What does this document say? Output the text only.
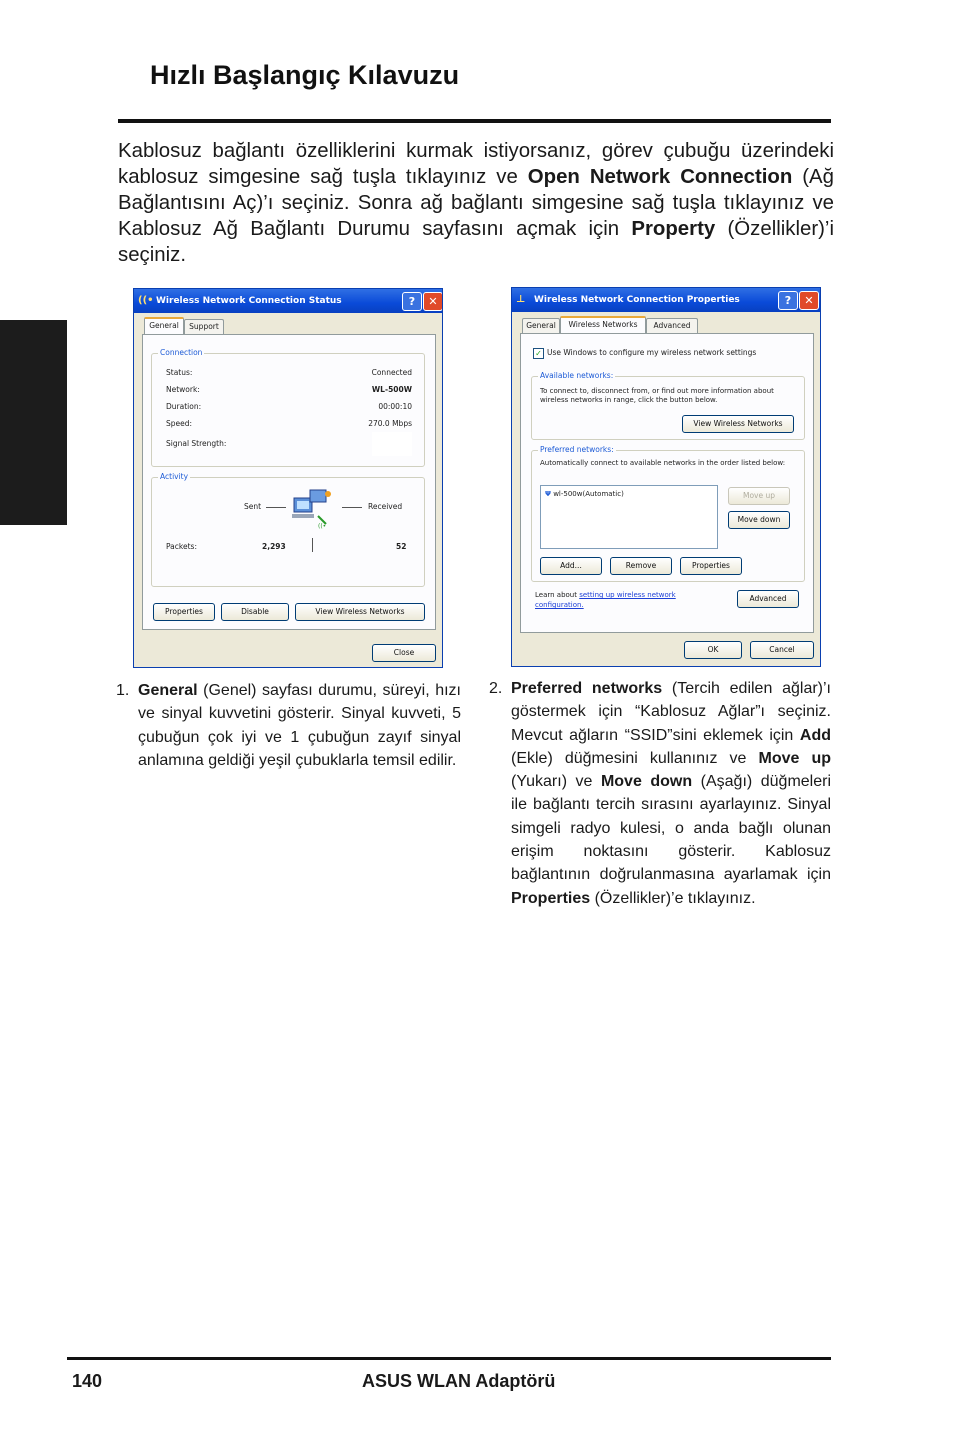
Hızlı Başlangıç Kılavuzu
Kablosuz bağlantı özelliklerini kurmak istiyorsanız, görev çubuğu üzerindeki kablosuz simgesine sağ tuşla tıklayınız ve Open Network Connection (Ağ Bağlantısını Aç)’ı seçiniz. Sonra ağ bağlantı simgesine sağ tuşla tıklayınız ve Kablosuz Ağ Bağlantı Durumu sayfasını açmak için Property (Özellikler)’i seçiniz.
Türkçe
((• Wireless Network Connection Status	?	✕
General	Support
Connection
Status:	Connected
Network:	WL-500W
Duration:	00:00:10
Speed:	270.0 Mbps
Signal Strength:
Activity
Sent
((•
Received
Packets:	2,293	52
Properties	Disable	View Wireless Networks
Close
⊥ Wireless Network Connection Properties	?	✕
General	Wireless Networks	Advanced
✓ Use Windows to configure my wireless network settings
Available networks:
To connect to, disconnect from, or find out more information about wireless networks in range, click the button below.
View Wireless Networks
Preferred networks:
Automatically connect to available networks in the order listed below:
Ψ wl-500w(Automatic)	Move up
Move down
Add...	Remove	Properties
Learn about setting up wireless network configuration.
Advanced
OK	Cancel
1. General (Genel) sayfası durumu, süreyi, hızı ve sinyal kuvvetini gösterir. Sinyal kuvveti, 5 çubuğun çok iyi ve 1 çubuğun zayıf sinyal anlamına geldiği yeşil çubuklarla temsil edilir.
2. Preferred networks (Tercih edilen ağlar)’ı göstermek için “Kablosuz Ağlar”ı seçiniz. Mevcut ağların “SSID”sini eklemek için Add (Ekle) düğmesini kullanınız ve Move up (Yukarı) ve Move down (Aşağı) düğmeleri ile bağlantı tercih sırasını ayarlayınız. Sinyal simgeli radyo kulesi, o anda bağlı olunan erişim noktasını gösterir. Kablosuz bağlantının doğrulanmasına ayarlamak için Properties (Özellikler)’e tıklayınız.
140	ASUS WLAN Adaptörü
